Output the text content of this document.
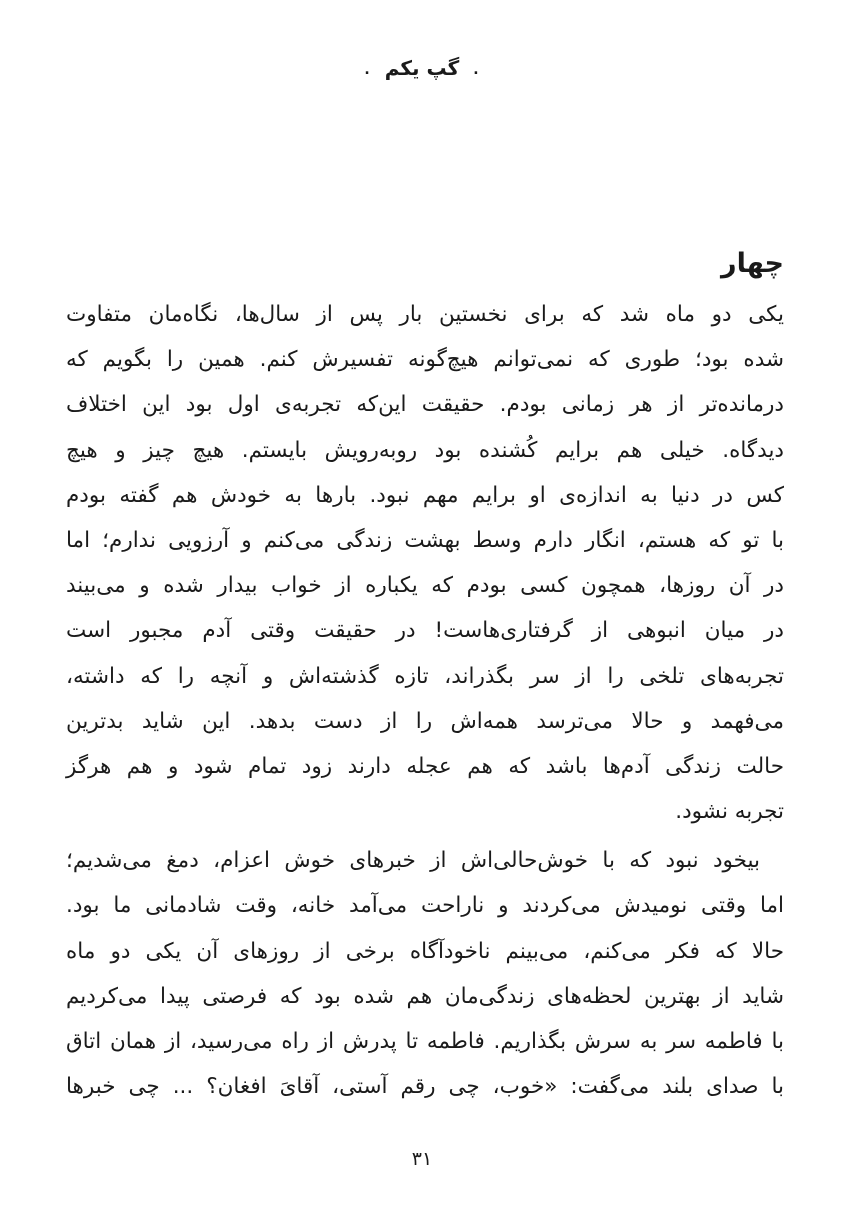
.گپ یکم.
چهار
یکی دو ماه شد که برای نخستین بار پس از سال‌ها، نگاه‌مان متفاوت
شده بود؛ طوری که نمی‌توانم هیچ‌گونه تفسیرش کنم. همین را بگویم که
درمانده‌تر از هر زمانی بودم. حقیقت این‌که تجربه‌ی اول بود این اختلاف
دیدگاه. خیلی هم برایم کُشنده بود روبه‌رویش بایستم. هیچ چیز و هیچ
کس در دنیا به اندازه‌ی او برایم مهم نبود. بارها به خودش هم گفته بودم
با تو که هستم، انگار دارم وسط بهشت زندگی می‌کنم و آرزویی ندارم؛ اما
در آن روزها، همچون کسی بودم که یکباره از خواب بیدار شده و می‌بیند
در میان انبوهی از گرفتاری‌هاست! در حقیقت وقتی آدم مجبور است
تجربه‌های تلخی را از سر بگذراند، تازه گذشته‌اش و آنچه را که داشته،
می‌فهمد و حالا می‌ترسد همه‌اش را از دست بدهد. این شاید بدترین
حالت زندگی آدم‌ها باشد که هم عجله دارند زود تمام شود و هم هرگز
تجربه نشود.
بیخود نبود که با خوش‌حالی‌اش از خبرهای خوش اعزام، دمغ می‌شدیم؛
اما وقتی نومیدش می‌کردند و ناراحت می‌آمد خانه، وقت شادمانی ما بود.
حالا که فکر می‌کنم، می‌بینم ناخودآگاه برخی از روزهای آن یکی دو ماه
شاید از بهترین لحظه‌های زندگی‌مان هم شده بود که فرصتی پیدا می‌کردیم
با فاطمه سر به سرش بگذاریم. فاطمه تا پدرش از راه می‌رسید، از همان اتاق
با صدای بلند می‌گفت: «خوب، چی رقم آستی، آقایَ افغان؟ ... چی خبرها
۳۱
